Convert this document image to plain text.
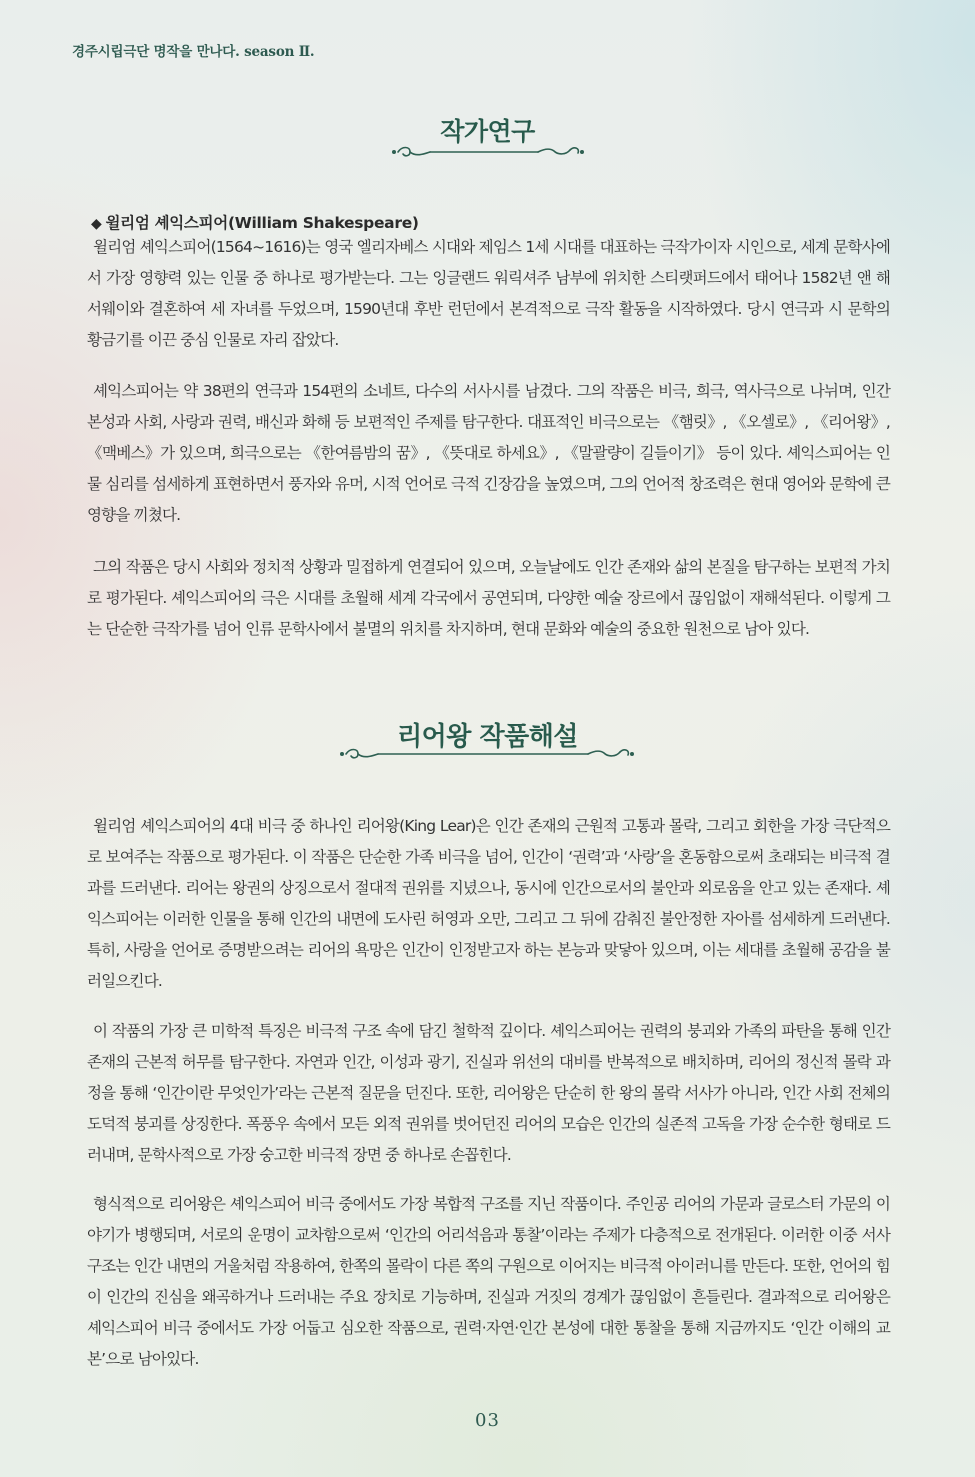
경주시립극단 명작을 만나다. season Ⅱ.
작가연구
◆ 윌리엄 셰익스피어(William Shakespeare)

윌리엄 셰익스피어(1564~1616)는 영국 엘리자베스 시대와 제임스 1세 시대를 대표하는 극작가이자 시인으로, 세계 문학사에서 가장 영향력 있는 인물 중 하나로 평가받는다. 그는 잉글랜드 워릭셔주 남부에 위치한 스티랫퍼드에서 태어나 1582년 앤 해서웨이와 결혼하여 세 자녀를 두었으며, 1590년대 후반 런던에서 본격적으로 극작 활동을 시작하였다. 당시 연극과 시 문학의 황금기를 이끈 중심 인물로 자리 잡았다.

셰익스피어는 약 38편의 연극과 154편의 소네트, 다수의 서사시를 남겼다. 그의 작품은 비극, 희극, 역사극으로 나뉘며, 인간 본성과 사회, 사랑과 권력, 배신과 화해 등 보편적인 주제를 탐구한다. 대표적인 비극으로는 《햄릿》, 《오셀로》, 《리어왕》, 《맥베스》가 있으며, 희극으로는 《한여름밤의 꿈》, 《뜻대로 하세요》, 《말괄량이 길들이기》 등이 있다. 셰익스피어는 인물 심리를 섬세하게 표현하면서 풍자와 유머, 시적 언어로 극적 긴장감을 높였으며, 그의 언어적 창조력은 현대 영어와 문학에 큰 영향을 끼쳤다.

그의 작품은 당시 사회와 정치적 상황과 밀접하게 연결되어 있으며, 오늘날에도 인간 존재와 삶의 본질을 탐구하는 보편적 가치로 평가된다. 셰익스피어의 극은 시대를 초월해 세계 각국에서 공연되며, 다양한 예술 장르에서 끊임없이 재해석된다. 이렇게 그는 단순한 극작가를 넘어 인류 문학사에서 불멸의 위치를 차지하며, 현대 문화와 예술의 중요한 원천으로 남아 있다.

리어왕 작품해설

윌리엄 셰익스피어의 4대 비극 중 하나인 리어왕(King Lear)은 인간 존재의 근원적 고통과 몰락, 그리고 회한을 가장 극단적으로 보여주는 작품으로 평가된다. 이 작품은 단순한 가족 비극을 넘어, 인간이 ‘권력’과 ‘사랑’을 혼동함으로써 초래되는 비극적 결과를 드러낸다. 리어는 왕권의 상징으로서 절대적 권위를 지녔으나, 동시에 인간으로서의 불안과 외로움을 안고 있는 존재다. 셰익스피어는 이러한 인물을 통해 인간의 내면에 도사린 허영과 오만, 그리고 그 뒤에 감춰진 불안정한 자아를 섬세하게 드러낸다. 특히, 사랑을 언어로 증명받으려는 리어의 욕망은 인간이 인정받고자 하는 본능과 맞닿아 있으며, 이는 세대를 초월해 공감을 불러일으킨다.

이 작품의 가장 큰 미학적 특징은 비극적 구조 속에 담긴 철학적 깊이다. 셰익스피어는 권력의 붕괴와 가족의 파탄을 통해 인간 존재의 근본적 허무를 탐구한다. 자연과 인간, 이성과 광기, 진실과 위선의 대비를 반복적으로 배치하며, 리어의 정신적 몰락 과정을 통해 ‘인간이란 무엇인가’라는 근본적 질문을 던진다. 또한, 리어왕은 단순히 한 왕의 몰락 서사가 아니라, 인간 사회 전체의 도덕적 붕괴를 상징한다. 폭풍우 속에서 모든 외적 권위를 벗어던진 리어의 모습은 인간의 실존적 고독을 가장 순수한 형태로 드러내며, 문학사적으로 가장 숭고한 비극적 장면 중 하나로 손꼽힌다.

형식적으로 리어왕은 셰익스피어 비극 중에서도 가장 복합적 구조를 지닌 작품이다. 주인공 리어의 가문과 글로스터 가문의 이야기가 병행되며, 서로의 운명이 교차함으로써 ‘인간의 어리석음과 통찰’이라는 주제가 다층적으로 전개된다. 이러한 이중 서사 구조는 인간 내면의 거울처럼 작용하여, 한쪽의 몰락이 다른 쪽의 구원으로 이어지는 비극적 아이러니를 만든다. 또한, 언어의 힘이 인간의 진심을 왜곡하거나 드러내는 주요 장치로 기능하며, 진실과 거짓의 경계가 끊임없이 흔들린다. 결과적으로 리어왕은 셰익스피어 비극 중에서도 가장 어둡고 심오한 작품으로, 권력·자연·인간 본성에 대한 통찰을 통해 지금까지도 ‘인간 이해의 교본’으로 남아있다.

03
